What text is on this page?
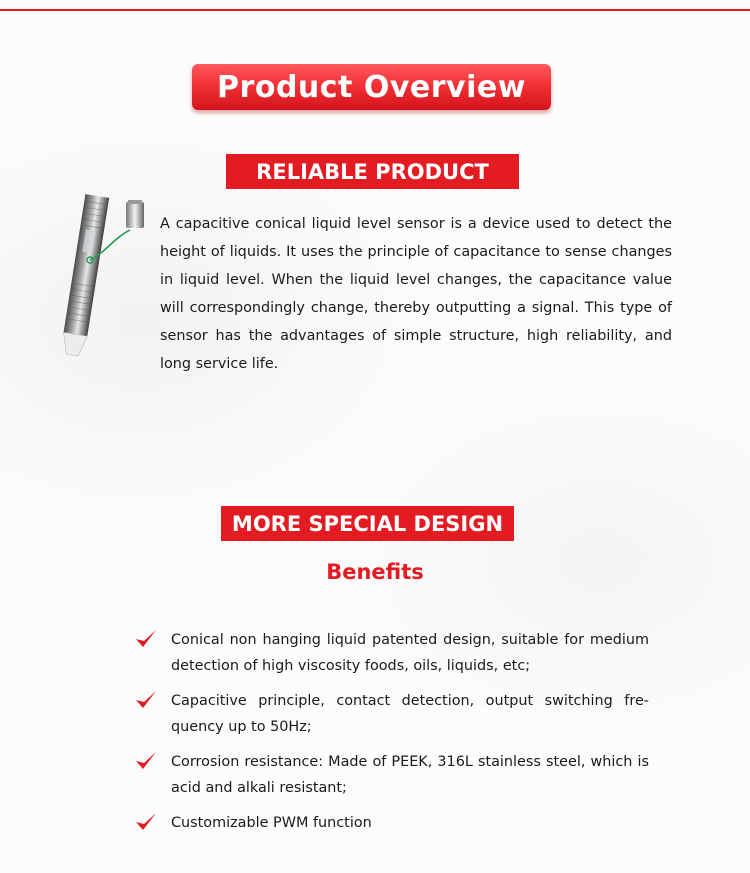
Product Overview
RELIABLE PRODUCT
A capacitive conical liquid level sensor is a device used to detect the height of liquids. It uses the principle of capacitance to sense changes in liquid level. When the liquid level changes, the capacitance value will correspondingly change, thereby outputting a signal. This type of sensor has the advantages of simple structure, high reliability, and long service life.
MORE SPECIAL DESIGN
Benefits
Conical non hanging liquid patented design, suitable for medium detection of high viscosity foods, oils, liquids, etc;
Capacitive principle, contact detection, output switching fre-quency up to 50Hz;
Corrosion resistance: Made of PEEK, 316L stainless steel, which is acid and alkali resistant;
Customizable PWM function
